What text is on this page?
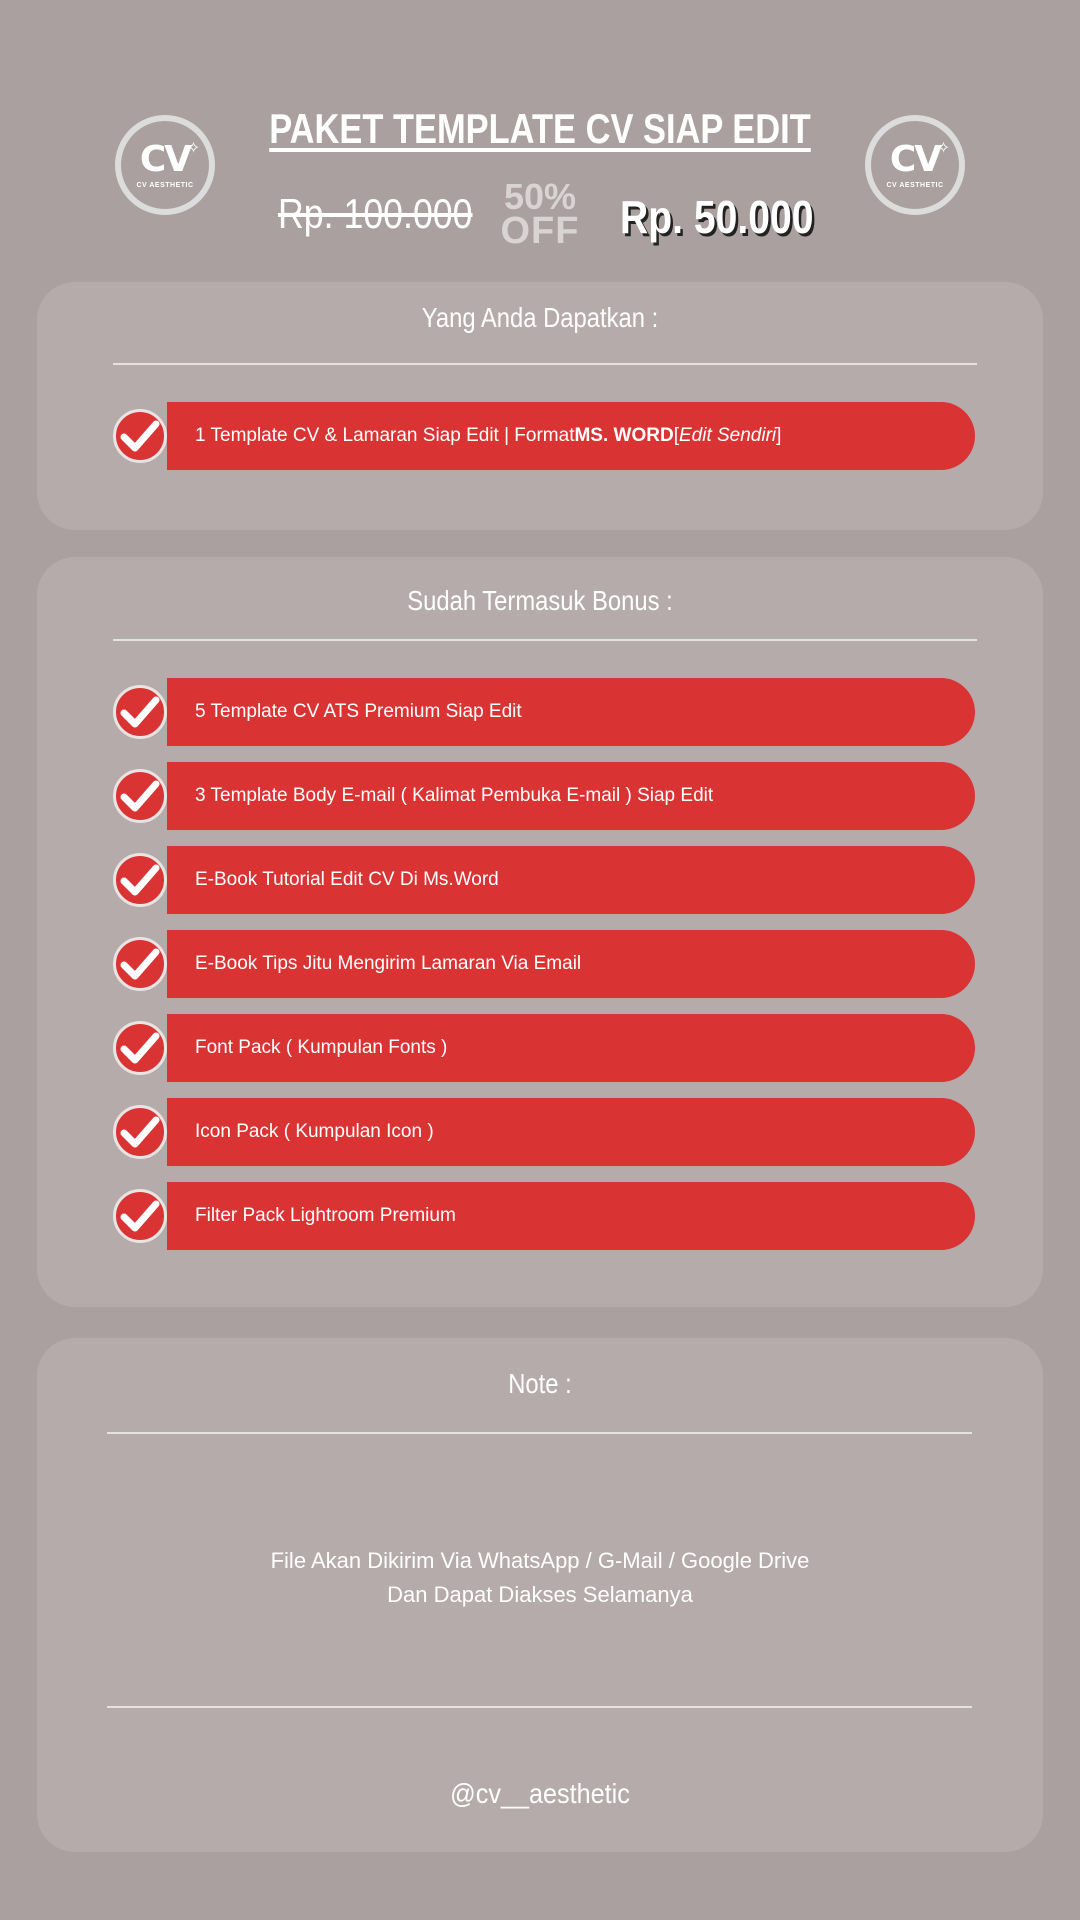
CV
✧
CV AESTHETIC
CV
✧
CV AESTHETIC
PAKET TEMPLATE CV SIAP EDIT
Rp. 100.000 50%
OFF Rp. 50.000
Yang Anda Dapatkan :
1 Template CV & Lamaran Siap Edit | Format MS. WORD [ Edit Sendiri ]
Sudah Termasuk Bonus :
5 Template CV ATS Premium Siap Edit
3 Template Body E-mail ( Kalimat Pembuka E-mail ) Siap Edit
E-Book Tutorial Edit CV Di Ms.Word
E-Book Tips Jitu Mengirim Lamaran Via Email
Font Pack ( Kumpulan Fonts )
Icon Pack ( Kumpulan Icon )
Filter Pack Lightroom Premium
Note :
File Akan Dikirim Via WhatsApp / G-Mail / Google Drive
Dan Dapat Diakses Selamanya
@cv__aesthetic
